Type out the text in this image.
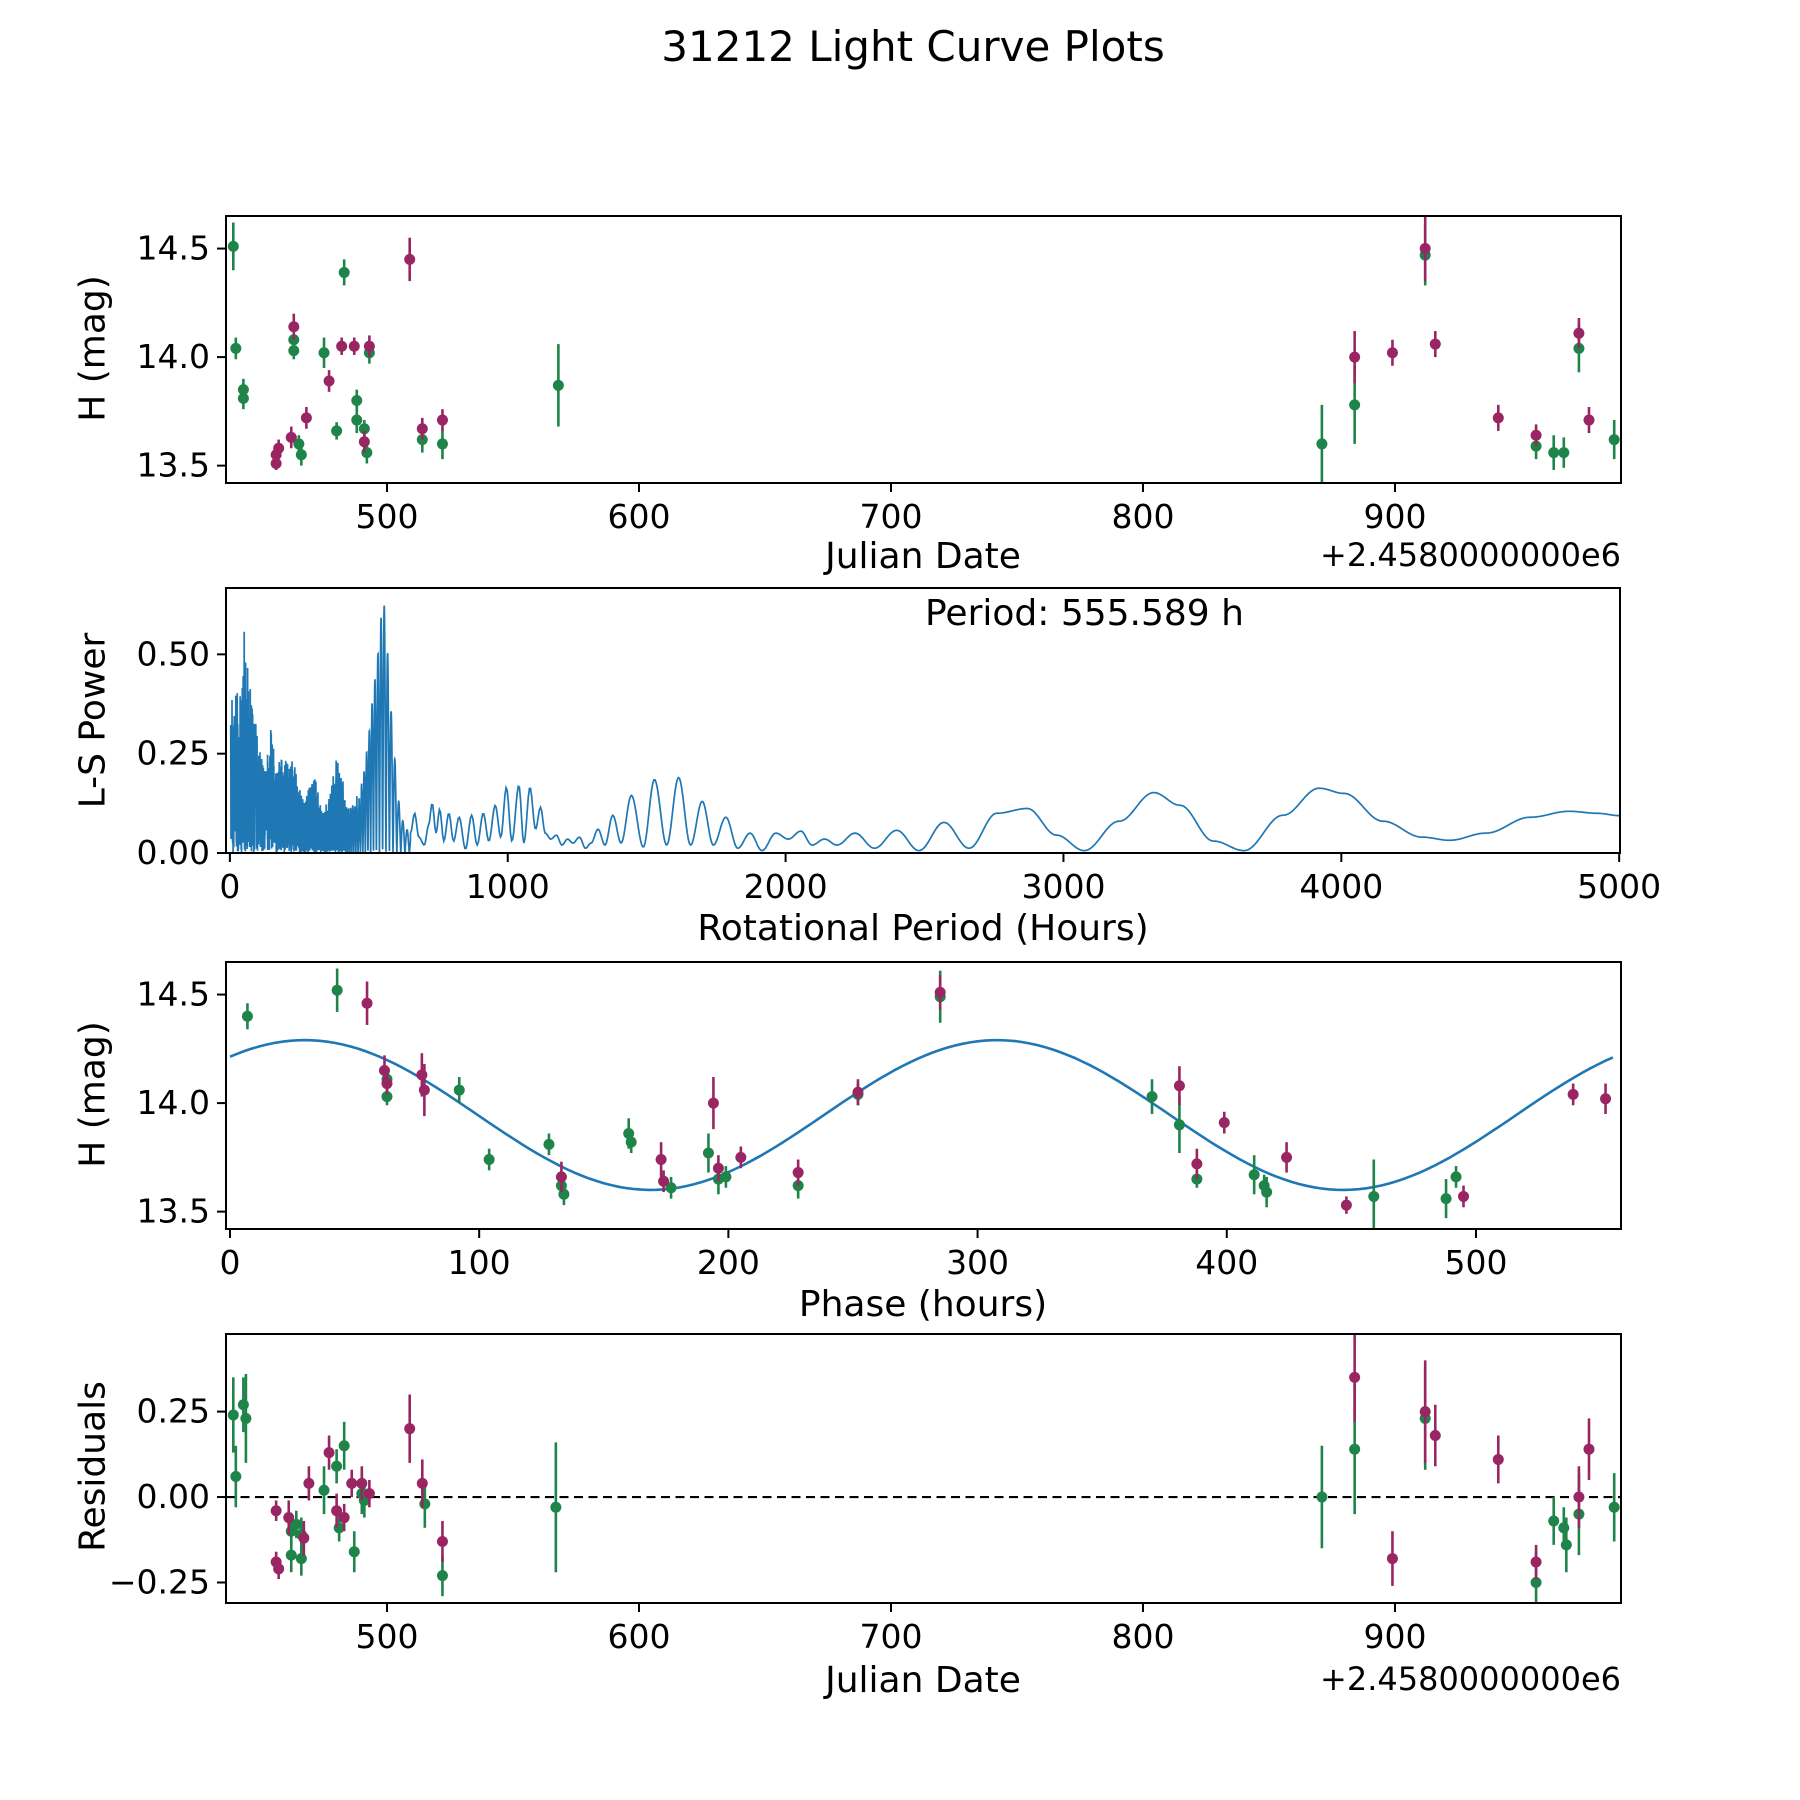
31212 Light Curve Plots
500	600	700	800	900
13.5
14.0
14.5
H (mag)
Julian Date	+2.4580000000e6
0	1000	2000	3000	4000	5000
0.00
0.25
0.50
L-S Power
Rotational Period (Hours)
Period: 555.589 h
0	100	200	300	400	500
13.5
14.0
14.5
H (mag)
Phase (hours)
500	600	700	800	900
−0.25
0.00
0.25
Residuals
Julian Date	+2.4580000000e6
